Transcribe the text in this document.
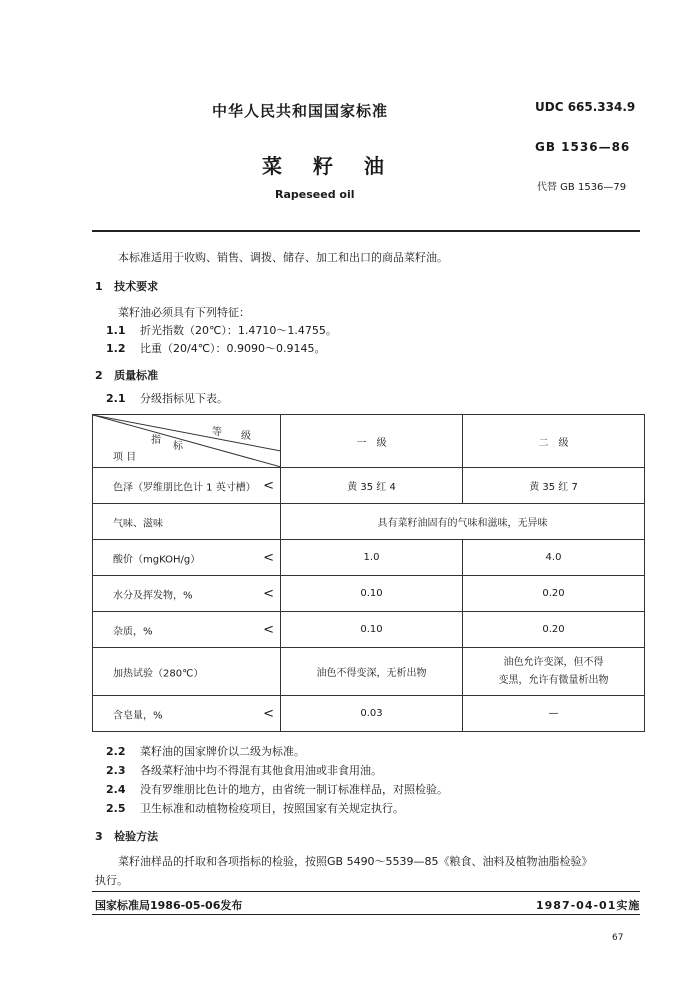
中华人民共和国国家标准	UDC 665.334.9
GB 1536—86
代替 GB 1536—79
菜 籽 油
Rapeseed oil
本标准适用于收购、销售、调拨、储存、加工和出口的商品菜籽油。
1 技术要求
菜籽油必须具有下列特征：
1.1 折光指数（20℃）：1.4710～1.4755。
1.2 比重（20/4℃）：0.9090～0.9145。
2 质量标准
2.1 分级指标见下表。
等 级
指
标
项 目	一　级	二　级

色泽（罗维朋比色计 1 英寸槽） <	黄 35 红 4	黄 35 红 7

气味、滋味	具有菜籽油固有的气味和滋味，无异味	

酸价（mgKOH/g） <	1.0	4.0

水分及挥发物，% <	0.10	0.20

杂质，% <	0.10	0.20

加热试验（280℃）	油色不得变深，无析出物	油色允许变深，但不得
变黑，允许有微量析出物

含皂量，% <	0.03	—
2.2 菜籽油的国家牌价以二级为标准。
2.3 各级菜籽油中均不得混有其他食用油或非食用油。
2.4 没有罗维朋比色计的地方，由省统一制订标准样品，对照检验。
2.5 卫生标准和动植物检疫项目，按照国家有关规定执行。
3 检验方法
菜籽油样品的扦取和各项指标的检验，按照GB 5490～5539—85《粮食、油料及植物油脂检验》
执行。
国家标准局1986-05-06发布	1987-04-01实施
67
